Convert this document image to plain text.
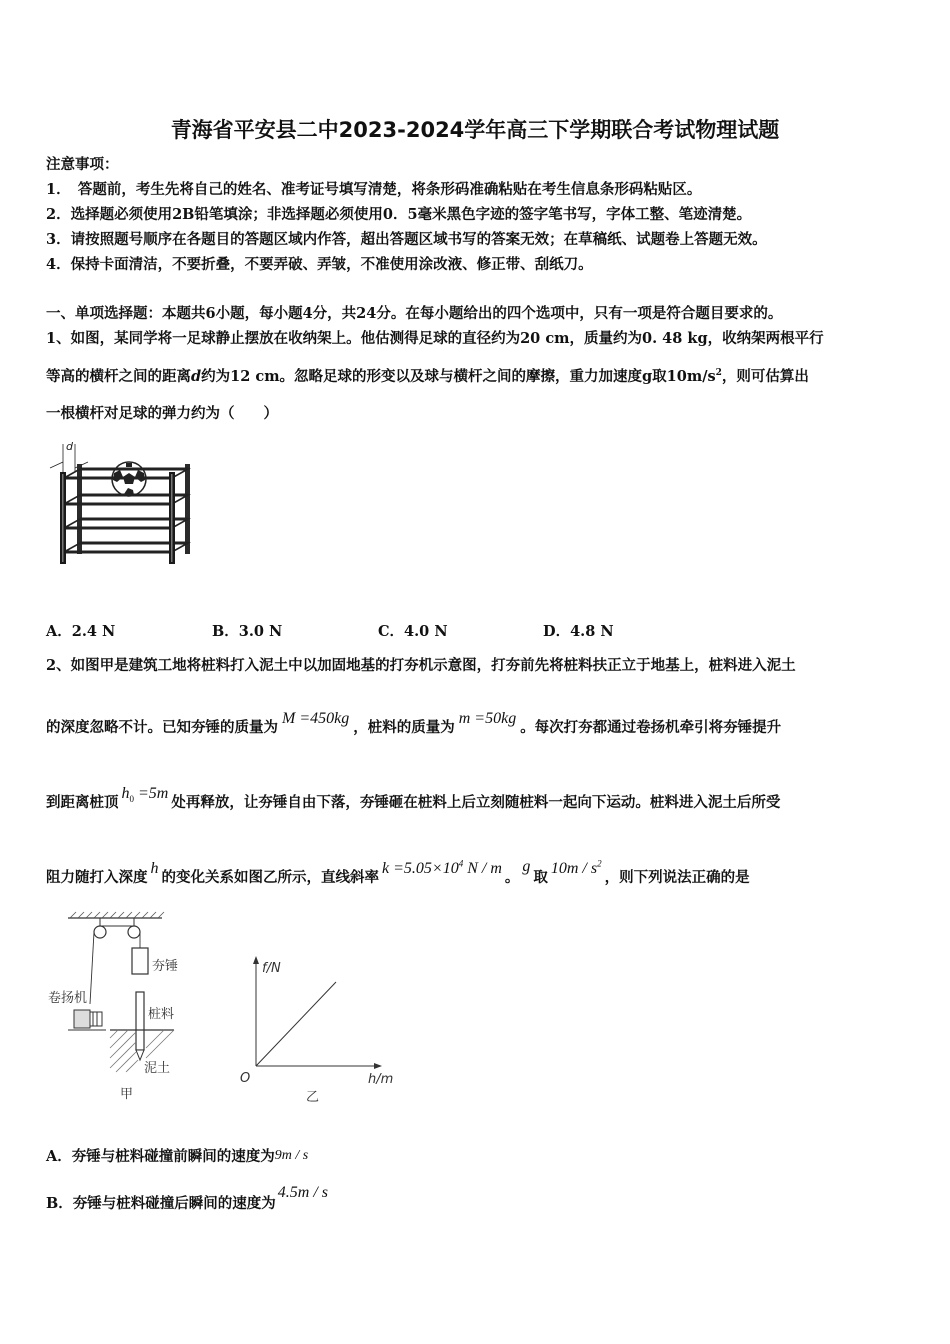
青海省平安县二中2023-2024学年高三下学期联合考试物理试题
注意事项：
1．　答题前，考生先将自己的姓名、准考证号填写清楚，将条形码准确粘贴在考生信息条形码粘贴区。
2．选择题必须使用2B铅笔填涂；非选择题必须使用0．5毫米黑色字迹的签字笔书写，字体工整、笔迹清楚。
3．请按照题号顺序在各题目的答题区域内作答，超出答题区域书写的答案无效；在草稿纸、试题卷上答题无效。
4．保持卡面清洁，不要折叠，不要弄破、弄皱，不准使用涂改液、修正带、刮纸刀。
一、单项选择题：本题共6小题，每小题4分，共24分。在每小题给出的四个选项中，只有一项是符合题目要求的。
1、如图，某同学将一足球静止摆放在收纳架上。他估测得足球的直径约为20 cm，质量约为0. 48 kg，收纳架两根平行
等高的横杆之间的距离d约为12 cm。忽略足球的形变以及球与横杆之间的摩擦，重力加速度g取$10m/s^2$，则可估算出
一根横杆对足球的弹力约为（　　）
d
A．2.4 N	B．3.0 N	C．4.0 N	D．4.8 N
2、如图甲是建筑工地将桩料打入泥土中以加固地基的打夯机示意图，打夯前先将桩料扶正立于地基上，桩料进入泥土
的深度忽略不计。已知夯锤的质量为M =450kg，桩料的质量为m =50kg。每次打夯都通过卷扬机牵引将夯锤提升
到距离桩顶$h_0 =5m$处再释放，让夯锤自由下落，夯锤砸在桩料上后立刻随桩料一起向下运动。桩料进入泥土后所受
阻力随打入深度h的变化关系如图乙所示，直线斜率$k =5.05\times 10^4$ N / m。g取$10m / s^2$，则下列说法正确的是
夯锤
卷扬机
桩料
泥土
甲
f/N
h/m
O
乙
A．夯锤与桩料碰撞前瞬间的速度为9m / s
B．夯锤与桩料碰撞后瞬间的速度为4.5m / s
